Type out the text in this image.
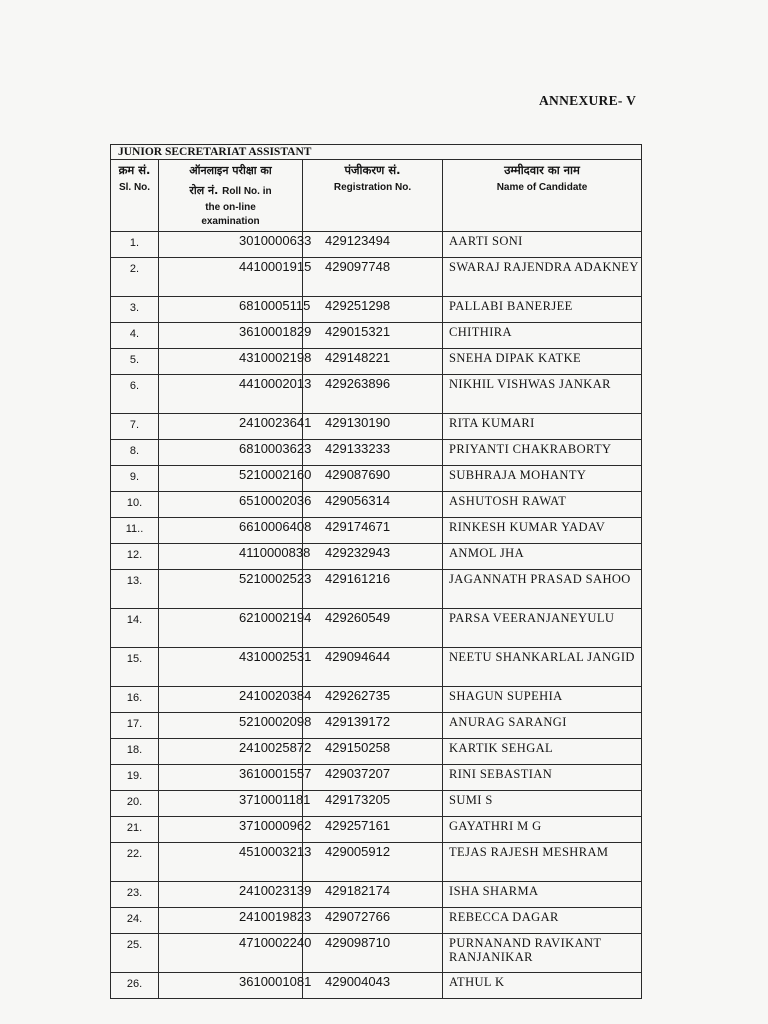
ANNEXURE- V
JUNIOR SECRETARIAT ASSISTANT			

क्रम सं.
Sl. No.	ऑनलाइन परीक्षा का
रोल नं. Roll No. in
the on-line
examination	पंजीकरण सं.
Registration No.	उम्मीदवार का नाम
Name of Candidate

1.	3010000633	429123494	AARTI SONI
2.	4410001915	429097748	SWARAJ RAJENDRA ADAKNEY
3.	6810005115	429251298	PALLABI BANERJEE
4.	3610001829	429015321	CHITHIRA
5.	4310002198	429148221	SNEHA DIPAK KATKE
6.	4410002013	429263896	NIKHIL VISHWAS JANKAR
7.	2410023641	429130190	RITA KUMARI
8.	6810003623	429133233	PRIYANTI CHAKRABORTY
9.	5210002160	429087690	SUBHRAJA MOHANTY
10.	6510002036	429056314	ASHUTOSH RAWAT
11..	6610006408	429174671	RINKESH KUMAR YADAV
12.	4110000838	429232943	ANMOL JHA
13.	5210002523	429161216	JAGANNATH PRASAD SAHOO
14.	6210002194	429260549	PARSA VEERANJANEYULU
15.	4310002531	429094644	NEETU SHANKARLAL JANGID
16.	2410020384	429262735	SHAGUN SUPEHIA
17.	5210002098	429139172	ANURAG SARANGI
18.	2410025872	429150258	KARTIK SEHGAL
19.	3610001557	429037207	RINI SEBASTIAN
20.	3710001181	429173205	SUMI S
21.	3710000962	429257161	GAYATHRI M G
22.	4510003213	429005912	TEJAS RAJESH MESHRAM
23.	2410023139	429182174	ISHA SHARMA
24.	2410019823	429072766	REBECCA DAGAR
25.	4710002240	429098710	PURNANAND RAVIKANT RANJANIKAR
26.	3610001081	429004043	ATHUL K
